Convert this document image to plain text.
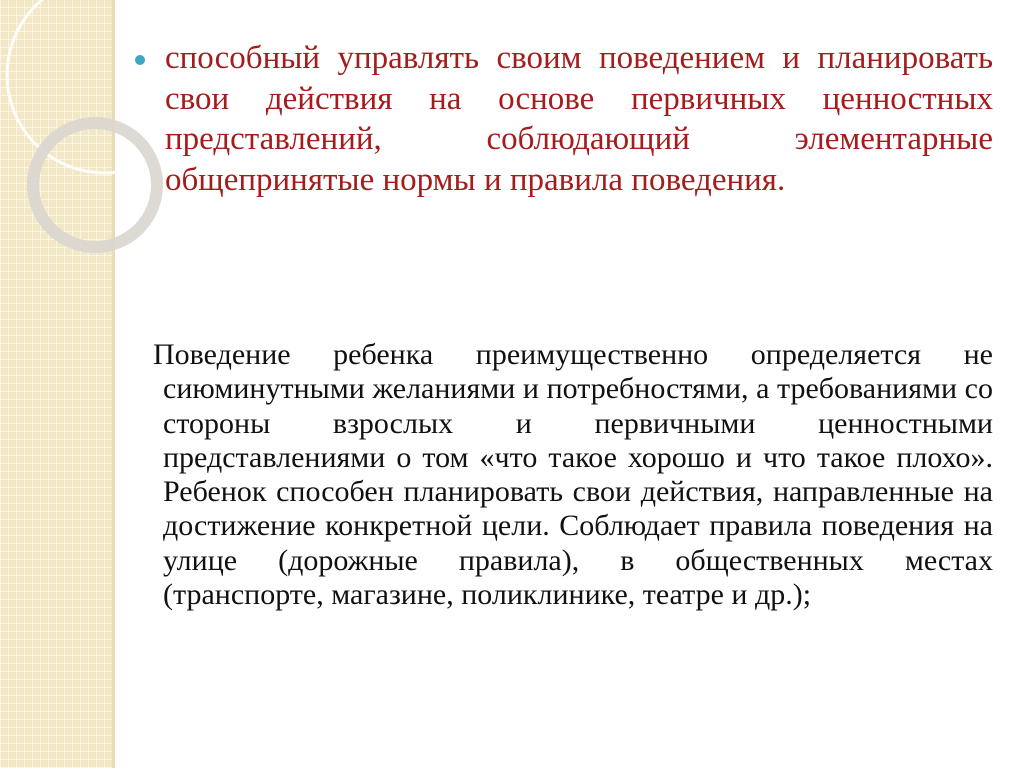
способный управлять своим поведением и планировать свои действия на основе первичных ценностных представлений, соблюдающий элементарные общепринятые нормы и правила поведения.

Поведение ребенка преимущественно определяется не сиюминутными желаниями и потребностями, а требованиями со стороны взрослых и первичными ценностными представлениями о том «что такое хорошо и что такое плохо». Ребенок способен планировать свои действия, направленные на достижение конкретной цели. Соблюдает правила поведения на улице (дорожные правила), в общественных местах (транспорте, магазине, поликлинике, театре и др.);
